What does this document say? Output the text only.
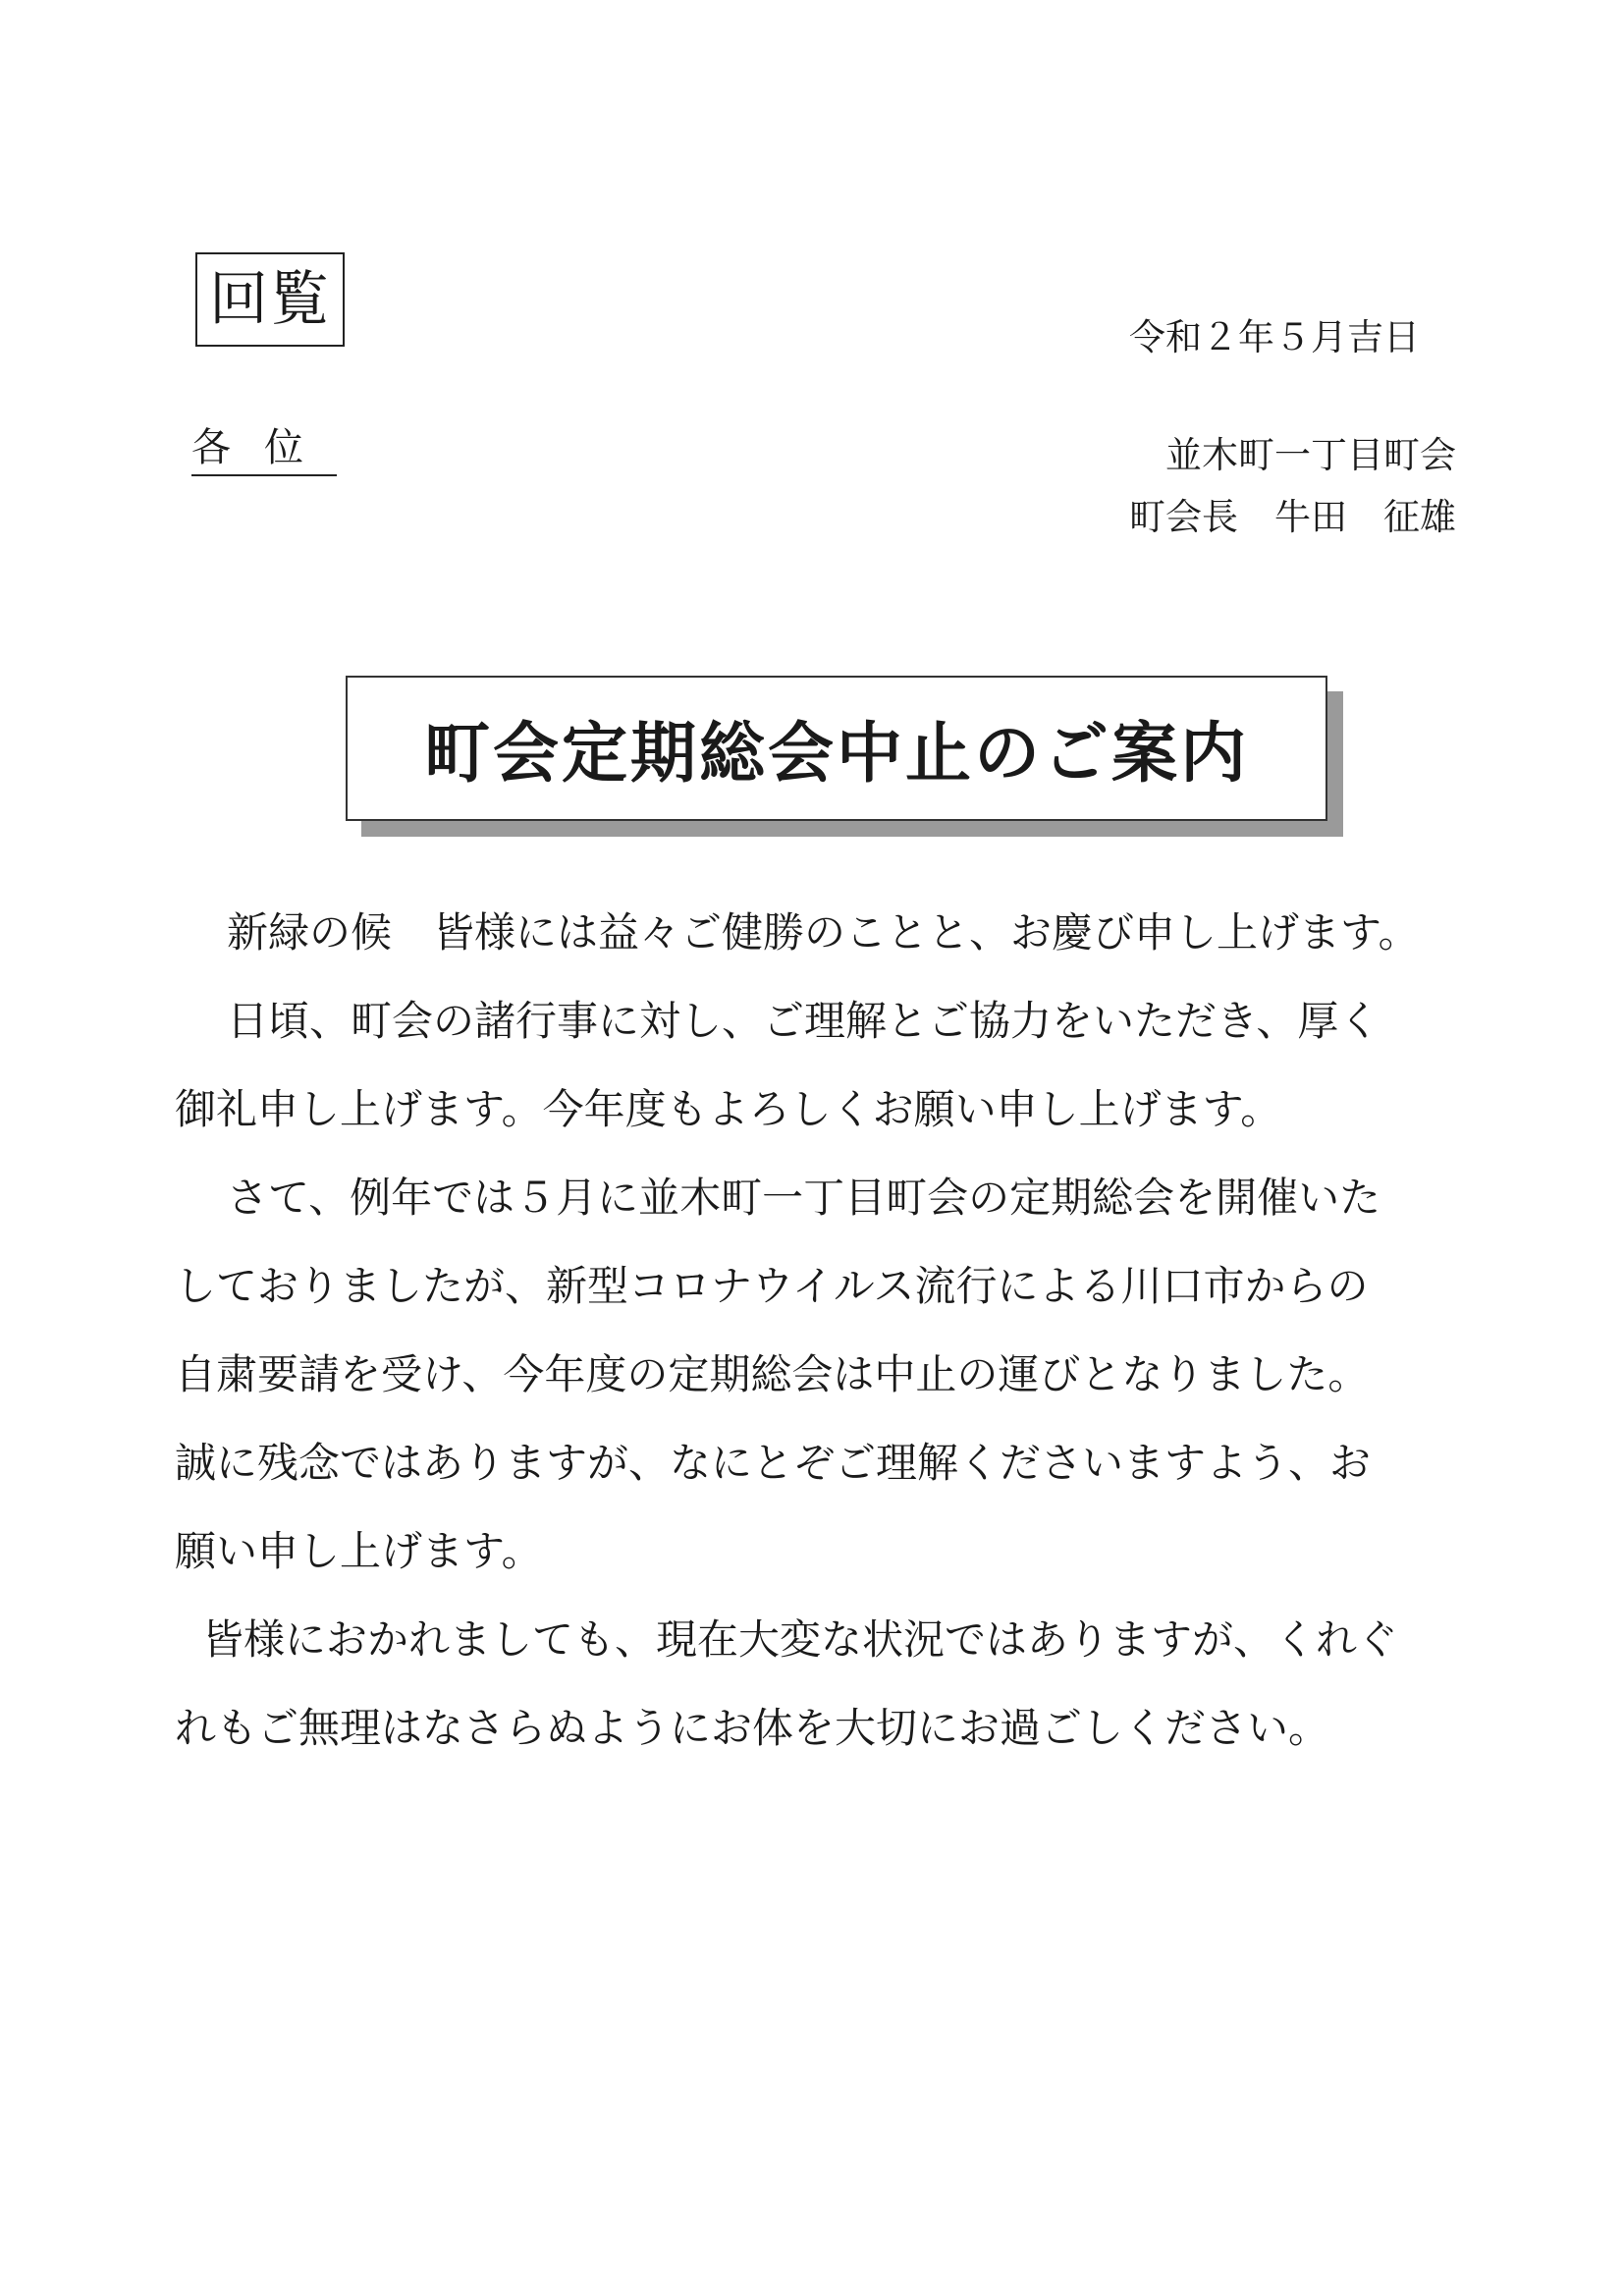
回覧
令和２年５月吉日
各位	並木町一丁目町会
町会長　牛田　征雄
町会定期総会中止のご案内
新緑の候　皆様には益々ご健勝のことと、お慶び申し上げます。
日頃、町会の諸行事に対し、ご理解とご協力をいただき、厚く
御礼申し上げます。今年度もよろしくお願い申し上げます。
さて、例年では５月に並木町一丁目町会の定期総会を開催いた
しておりましたが、新型コロナウイルス流行による川口市からの
自粛要請を受け、今年度の定期総会は中止の運びとなりました。
誠に残念ではありますが、なにとぞご理解くださいますよう、お
願い申し上げます。
皆様におかれましても、現在大変な状況ではありますが、くれぐ
れもご無理はなさらぬようにお体を大切にお過ごしください。
